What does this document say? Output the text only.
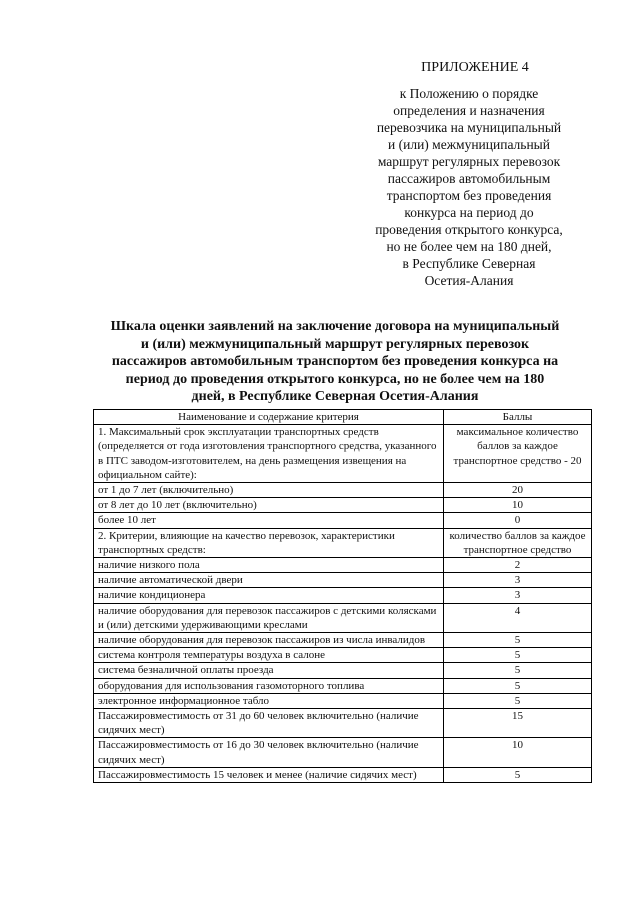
ПРИЛОЖЕНИЕ 4
к Положению о порядке
определения и назначения
перевозчика на муниципальный
и (или) межмуниципальный
маршрут регулярных перевозок
пассажиров автомобильным
транспортом без проведения
конкурса на период до
проведения открытого конкурса,
но не более чем на 180 дней,
в Республике Северная
Осетия-Алания
Шкала оценки заявлений на заключение договора на муниципальный
и (или) межмуниципальный маршрут регулярных перевозок
пассажиров автомобильным транспортом без проведения конкурса на
период до проведения открытого конкурса, но не более чем на 180
дней, в Республике Северная Осетия-Алания
Наименование и содержание критерия	Баллы
1. Максимальный срок эксплуатации транспортных средств (определяется от года изготовления транспортного средства, указанного в ПТС заводом-изготовителем, на день размещения извещения на официальном сайте):	максимальное количество баллов за каждое транспортное средство - 20
от 1 до 7 лет (включительно)	20
от 8 лет до 10 лет (включительно)	10
более 10 лет	0
2. Критерии, влияющие на качество перевозок, характеристики транспортных средств:	количество баллов за каждое транспортное средство
наличие низкого пола	2
наличие автоматической двери	3
наличие кондиционера	3
наличие оборудования для перевозок пассажиров с детскими колясками и (или) детскими удерживающими креслами	4
наличие оборудования для перевозок пассажиров из числа инвалидов	5
система контроля температуры воздуха в салоне	5
система безналичной оплаты проезда	5
оборудования для использования газомоторного топлива	5
электронное информационное табло	5
Пассажировместимость от 31 до 60 человек включительно (наличие сидячих мест)	15
Пассажировместимость от 16 до 30 человек включительно (наличие сидячих мест)	10
Пассажировместимость 15 человек и менее (наличие сидячих мест)	5
